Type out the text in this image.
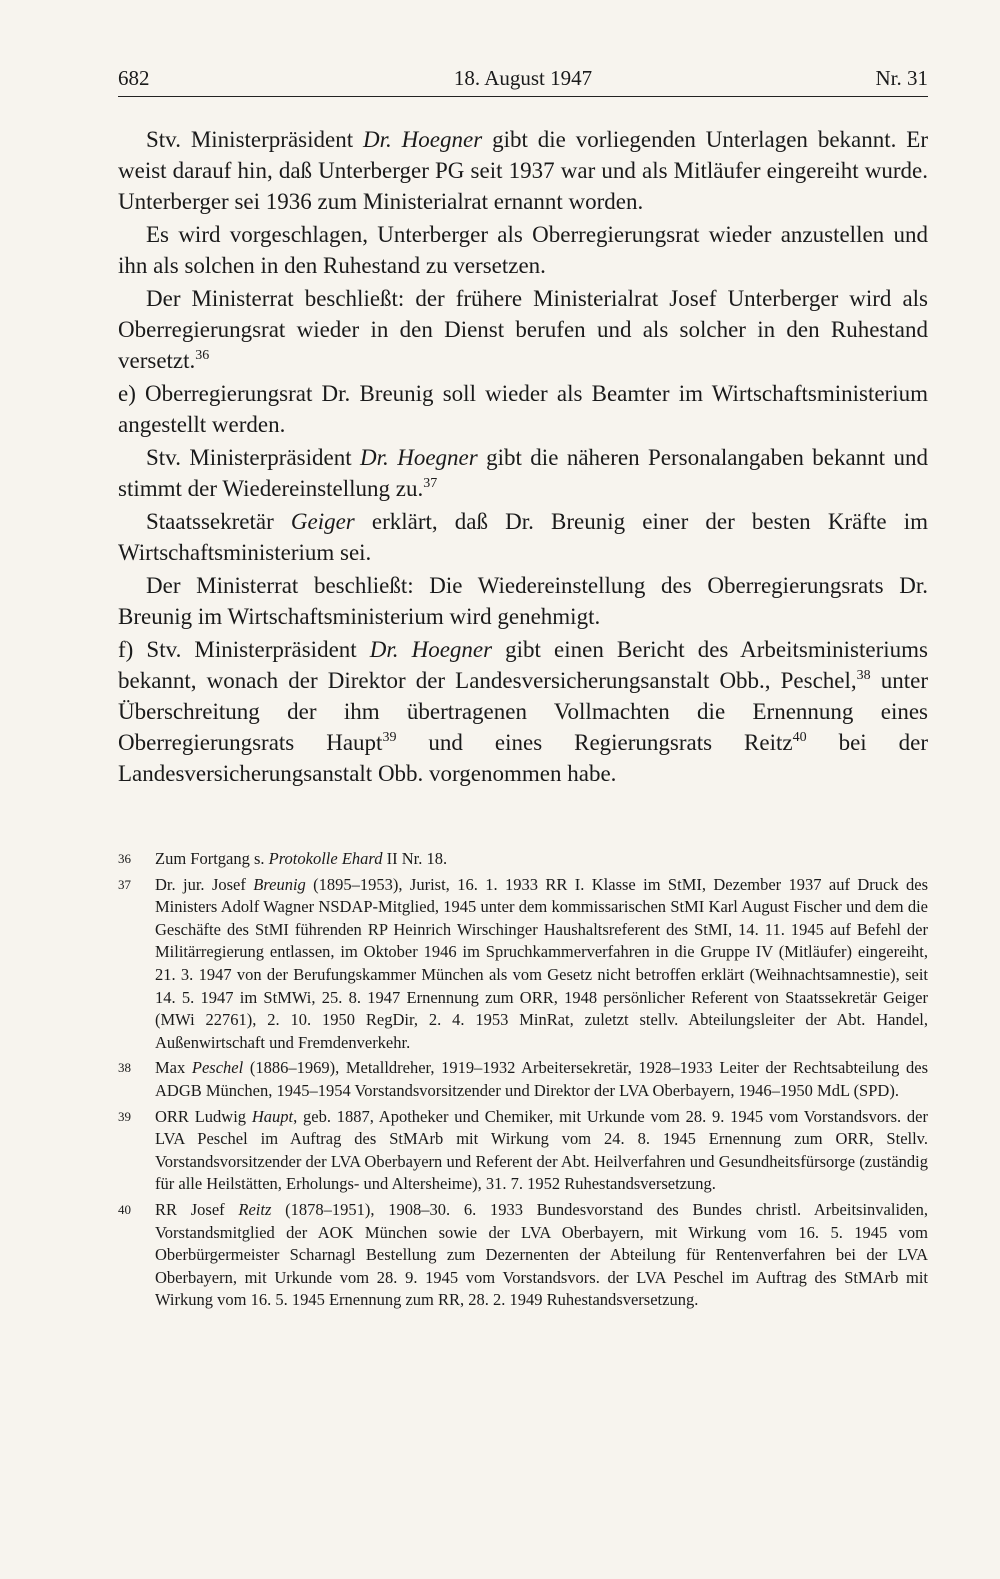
682	18. August 1947	Nr. 31

Stv. Ministerpräsident Dr. Hoegner gibt die vorliegenden Unterlagen bekannt. Er weist darauf hin, daß Unterberger PG seit 1937 war und als Mitläufer eingereiht wurde. Unterberger sei 1936 zum Ministerialrat ernannt worden.

Es wird vorgeschlagen, Unterberger als Oberregierungsrat wieder anzustellen und ihn als solchen in den Ruhestand zu versetzen.

Der Ministerrat beschließt: der frühere Ministerialrat Josef Unterberger wird als Oberregierungsrat wieder in den Dienst berufen und als solcher in den Ruhestand versetzt.$^{36}$

e) Oberregierungsrat Dr. Breunig soll wieder als Beamter im Wirtschaftsministerium angestellt werden.

Stv. Ministerpräsident Dr. Hoegner gibt die näheren Personalangaben bekannt und stimmt der Wiedereinstellung zu.$^{37}$

Staatssekretär Geiger erklärt, daß Dr. Breunig einer der besten Kräfte im Wirtschaftsministerium sei.

Der Ministerrat beschließt: Die Wiedereinstellung des Oberregierungsrats Dr. Breunig im Wirtschaftsministerium wird genehmigt.

f) Stv. Ministerpräsident Dr. Hoegner gibt einen Bericht des Arbeitsministeriums bekannt, wonach der Direktor der Landesversicherungsanstalt Obb., Peschel,$^{38}$ unter Überschreitung der ihm übertragenen Vollmachten die Ernennung eines Oberregierungsrats Haupt$^{39}$ und eines Regierungsrats Reitz$^{40}$ bei der Landesversicherungsanstalt Obb. vorgenommen habe.

36 Zum Fortgang s. Protokolle Ehard II Nr. 18.
37 Dr. jur. Josef Breunig (1895–1953), Jurist, 16. 1. 1933 RR I. Klasse im StMI, Dezember 1937 auf Druck des Ministers Adolf Wagner NSDAP-Mitglied, 1945 unter dem kommissarischen StMI Karl August Fischer und dem die Geschäfte des StMI führenden RP Heinrich Wirschinger Haushaltsreferent des StMI, 14. 11. 1945 auf Befehl der Militärregierung entlassen, im Oktober 1946 im Spruchkammerverfahren in die Gruppe IV (Mitläufer) eingereiht, 21. 3. 1947 von der Berufungskammer München als vom Gesetz nicht betroffen erklärt (Weihnachtsamnestie), seit 14. 5. 1947 im StMWi, 25. 8. 1947 Ernennung zum ORR, 1948 persönlicher Referent von Staatssekretär Geiger (MWi 22761), 2. 10. 1950 RegDir, 2. 4. 1953 MinRat, zuletzt stellv. Abteilungsleiter der Abt. Handel, Außenwirtschaft und Fremdenverkehr.
38 Max Peschel (1886–1969), Metalldreher, 1919–1932 Arbeitersekretär, 1928–1933 Leiter der Rechtsabteilung des ADGB München, 1945–1954 Vorstandsvorsitzender und Direktor der LVA Oberbayern, 1946–1950 MdL (SPD).
39 ORR Ludwig Haupt, geb. 1887, Apotheker und Chemiker, mit Urkunde vom 28. 9. 1945 vom Vorstandsvors. der LVA Peschel im Auftrag des StMArb mit Wirkung vom 24. 8. 1945 Ernennung zum ORR, Stellv. Vorstandsvorsitzender der LVA Oberbayern und Referent der Abt. Heilverfahren und Gesundheitsfürsorge (zuständig für alle Heilstätten, Erholungs- und Altersheime), 31. 7. 1952 Ruhestandsversetzung.
40 RR Josef Reitz (1878–1951), 1908–30. 6. 1933 Bundesvorstand des Bundes christl. Arbeitsinvaliden, Vorstandsmitglied der AOK München sowie der LVA Oberbayern, mit Wirkung vom 16. 5. 1945 vom Oberbürgermeister Scharnagl Bestellung zum Dezernenten der Abteilung für Rentenverfahren bei der LVA Oberbayern, mit Urkunde vom 28. 9. 1945 vom Vorstandsvors. der LVA Peschel im Auftrag des StMArb mit Wirkung vom 16. 5. 1945 Ernennung zum RR, 28. 2. 1949 Ruhestandsversetzung.
